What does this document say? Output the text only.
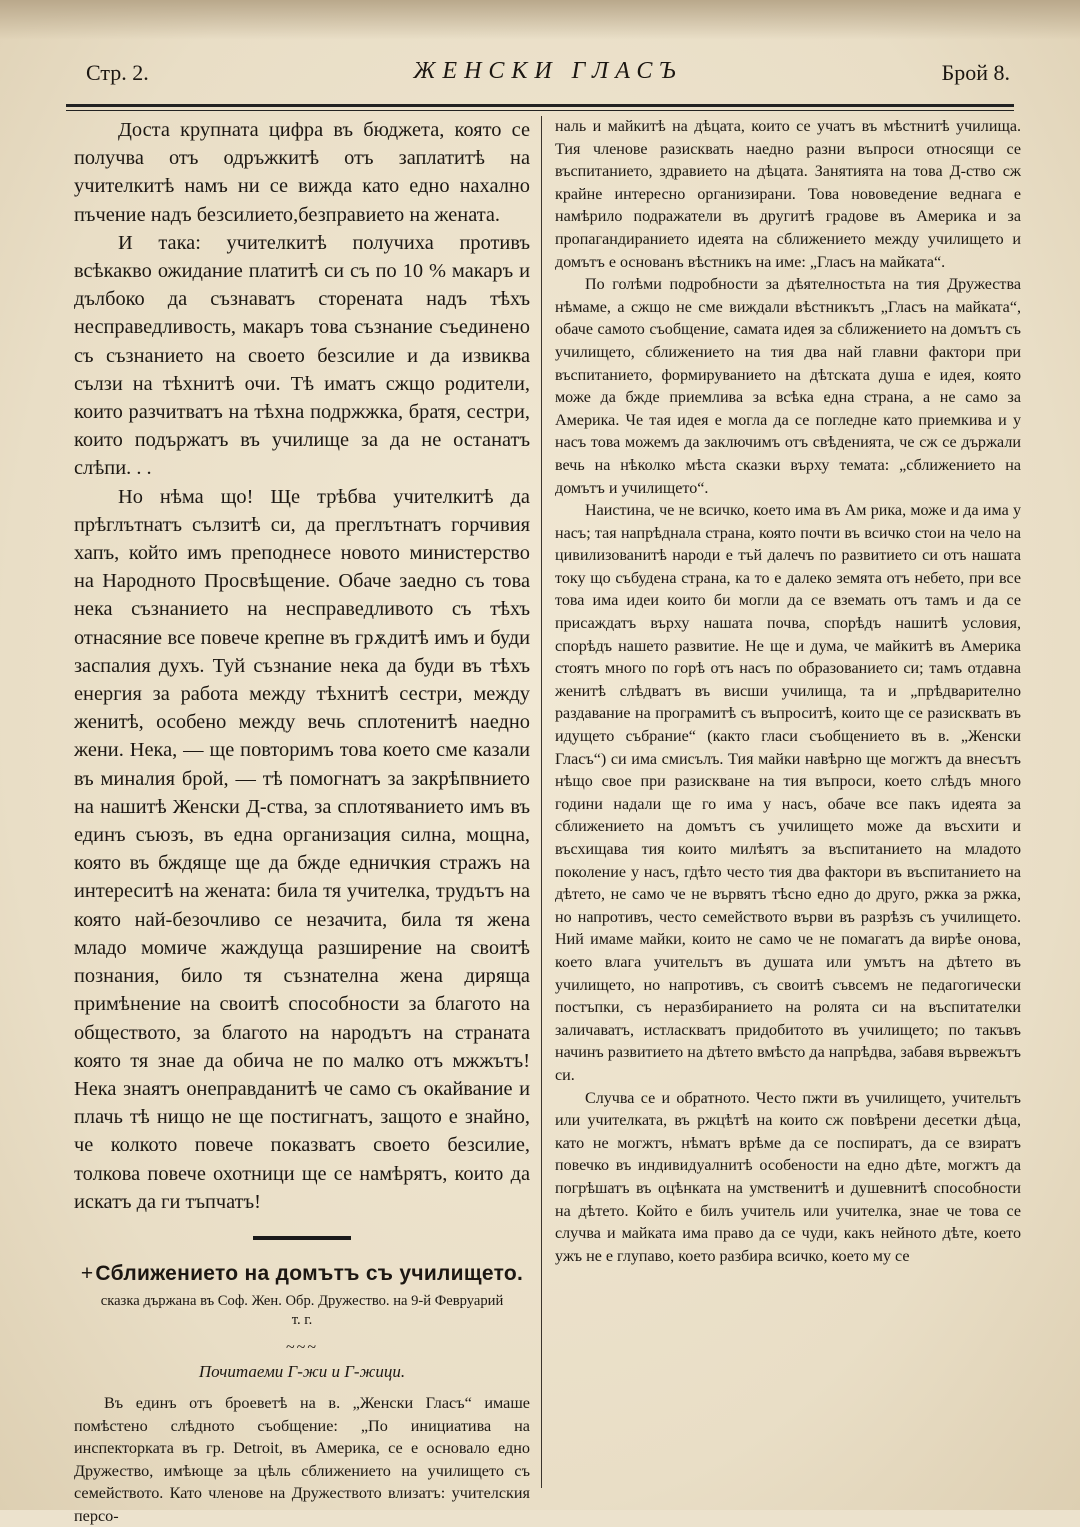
Стр. 2.	ЖЕНСКИ ГЛАСЪ	Брой 8.

Доста крупната цифра въ бюджета, която се получва отъ одръжкитѣ отъ заплатитѣ на учителкитѣ намъ ни се вижда като едно нахално пъчение надъ безсилието,безправието на жената.

И така: учителкитѣ получиха противъ всѣкакво ожидание платитѣ си съ по 10 % макаръ и дълбоко да съзнаватъ сторената надъ тѣхъ несправедливость, макаръ това съзнание съединено съ съзнанието на своето безсилие и да извиква сълзи на тѣхнитѣ очи. Тѣ иматъ сжщо родители, които разчитватъ на тѣхна подржжка, братя, сестри, които подържатъ въ училище за да не останатъ слѣпи. . .

Но нѣма що! Ще трѣбва учителкитѣ да прѣглътнатъ сълзитѣ си, да преглътнатъ горчивия хапъ, който имъ преподнесе новото министерство на Народното Просвѣщение. Обаче заедно съ това нека съзнанието на несправедливото съ тѣхъ отнасяние все повече крепне въ грѫдитѣ имъ и буди заспалия духъ. Туй съзнание нека да буди въ тѣхъ енергия за работа между тѣхнитѣ сестри, между женитѣ, особено между вечь сплотенитѣ наедно жени. Нека, — ще повторимъ това което сме казали въ миналия брой, — тѣ помогнатъ за закрѣпвнието на нашитѣ Женски Д-ства, за сплотяванието имъ въ единъ съюзъ, въ една организация силна, мощна, която въ бждяще ще да бжде едничкия стражъ на интереситѣ на жената: била тя учителка, трудътъ на която най-безочливо се незачита, била тя жена младо момиче жаждуща разширение на своитѣ познания, било тя съзнателна жена диряща примѣнение на своитѣ способности за благото на обществото, за благото на народътъ на страната която тя знае да обича не по малко отъ мжжътъ! Нека знаятъ онеправданитѣ че само съ окайвание и плачь тѣ нищо не ще постигнатъ, защото е знайно, че колкото повече показватъ своето безсилие, толкова повече охотници ще се намѣрятъ, които да искатъ да ги тъпчатъ!

+Сближението на домътъ съ училището.
сказка държана въ Соф. Жен. Обр. Дружество. на 9-й Февруарий т. г.
~~~
Почитаеми Г-жи и Г-жици.

Въ единъ отъ броеветѣ на в. „Женски Гласъ“ имаше помѣстено слѣдното съобщение: „По инициатива на инспекторката въ гр. Detroit, въ Америка, се е основало едно Дружество, имѣюще за цѣль сближението на училището съ семейството. Като членове на Дружеството влизатъ: учителския персо-

наль и майкитѣ на дѣцата, които се учатъ въ мѣстнитѣ училища. Тия членове разисквать наедно разни въпроси относящи се въспитанието, здравието на дѣцата. Занятията на това Д-ство сж крайне интересно организирани. Това нововедение веднага е намѣрило подражатели въ другитѣ градове въ Америка и за пропагандиранието идеята на сближението между училището и домътъ е основанъ вѣстникъ на име: „Гласъ на майката“.

По голѣми подробности за дѣятелностьта на тия Дружества нѣмаме, а сжщо не сме виждали вѣстникътъ „Гласъ на майката“, обаче самото съобщение, самата идея за сближението на домътъ съ училището, сближението на тия два най главни фактори при въспитанието, формируванието на дѣтската душа е идея, която може да бжде приемлива за всѣка една страна, а не само за Америка. Че тая идея е могла да се погледне като приемкива и у насъ това можемъ да заключимъ отъ свѣденията, че сж се държали вечь на нѣколко мѣста сказки върху темата: „сближението на домътъ и училището“.

Наистина, че не всичко, което има въ Ам рика, може и да има у насъ; тая напрѣднала страна, която почти въ всичко стои на чело на цивилизованитѣ народи е тъй далечъ по развитието си отъ нашата току що събудена страна, ка то е далеко земята отъ небето, при все това има идеи които би могли да се вземать отъ тамъ и да се присаждатъ върху нашата почва, спорѣдъ нашитѣ условия, спорѣдъ нашето развитие. Не ще и дума, че майкитѣ въ Америка стоятъ много по горѣ отъ насъ по образованието си; тамъ отдавна женитѣ слѣдватъ въ висши училища, та и „прѣдварително раздавание на програмитѣ съ въпроситѣ, които ще се разисквать въ идущето събрание“ (както гласи съобщението въ в. „Женски Гласъ“) си има смисълъ. Тия майки навѣрно ще могжтъ да внесътъ нѣщо свое при разискване на тия въпроси, което слѣдъ много години надали ще го има у насъ, обаче все пакъ идеята за сближението на домътъ съ училището може да въсхити и въсхищава тия които милѣятъ за въспитанието на младото поколение у насъ, гдѣто често тия два фактори въ въспитанието на дѣтето, не само че не вървятъ тѣсно едно до друго, ржка за ржка, но напротивъ, често семейството върви въ разрѣзъ съ училището. Ний имаме майки, които не само че не помагатъ да вирѣе онова, което влага учительтъ въ душата или умътъ на дѣтето въ училището, но напротивъ, съ своитѣ съвсемъ не педагогически постъпки, съ неразбиранието на ролята си на въспитателки заличаватъ, истласкватъ придобитото въ училището; по такъвъ начинъ развитието на дѣтето вмѣсто да напрѣдва, забавя вървежътъ си.

Случва се и обратното. Често пжти въ училището, учительтъ или учителката, въ ржцѣтѣ на които сж повѣрени десетки дѣца, като не могжтъ, нѣматъ врѣме да се поспиратъ, да се взиратъ повечко въ индивидуалнитѣ особености на едно дѣте, могжтъ да погрѣшатъ въ оцѣнката на умственитѣ и душевнитѣ способности на дѣтето. Който е билъ учитель или учителка, знае че това се случва и майката има право да се чуди, какъ нейното дѣте, което ужъ не е глупаво, което разбира всичко, което му се
